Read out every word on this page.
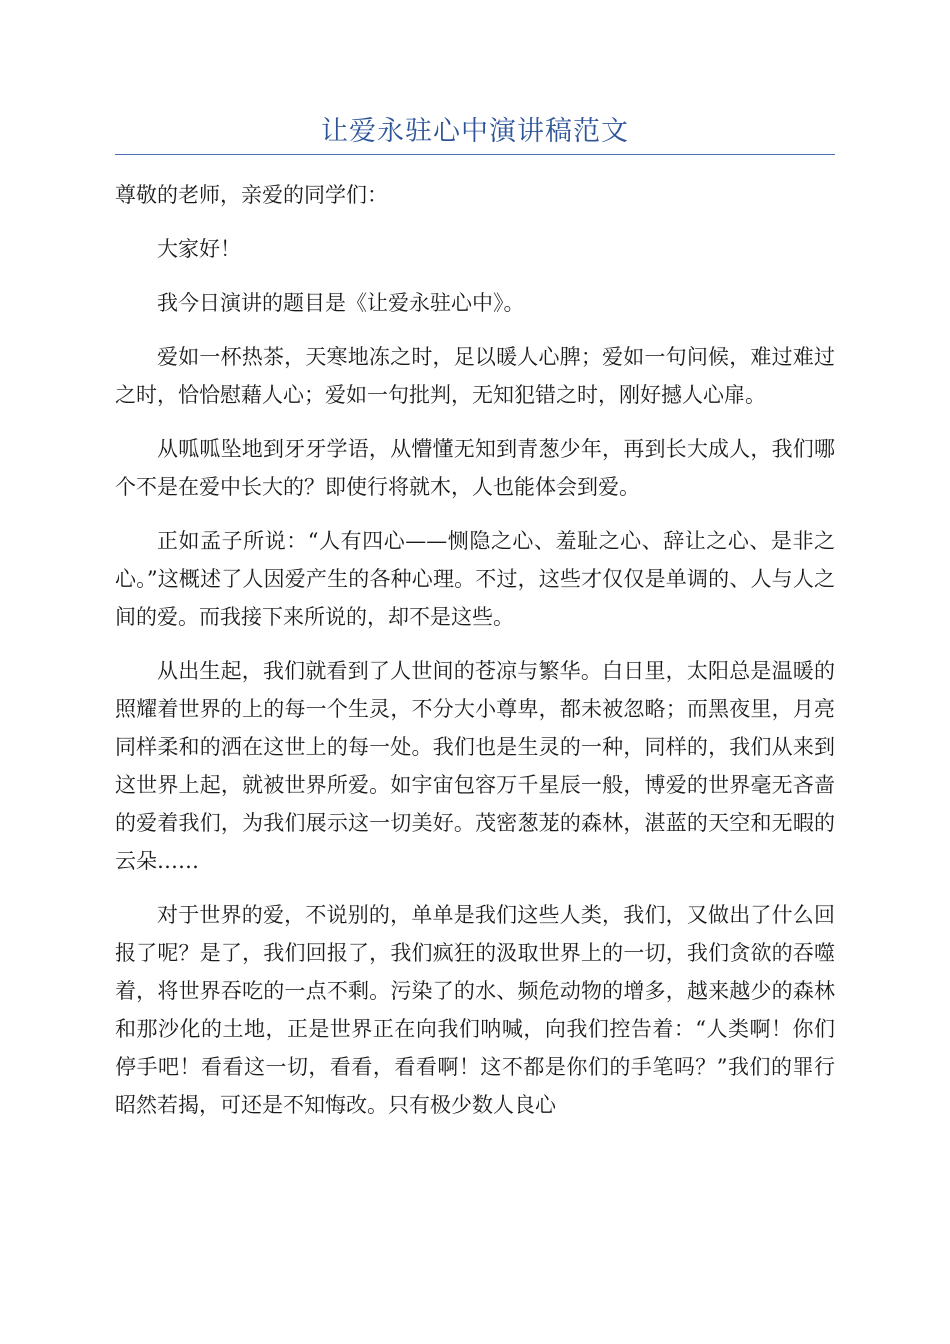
让爱永驻心中演讲稿范文

尊敬的老师，亲爱的同学们：

大家好！

我今日演讲的题目是《让爱永驻心中》。

爱如一杯热茶，天寒地冻之时，足以暖人心脾；爱如一句问候，难过难过之时，恰恰慰藉人心；爱如一句批判，无知犯错之时，刚好撼人心扉。

从呱呱坠地到牙牙学语，从懵懂无知到青葱少年，再到长大成人，我们哪个不是在爱中长大的？即使行将就木，人也能体会到爱。

正如孟子所说：“人有四心——恻隐之心、羞耻之心、辞让之心、是非之心。”这概述了人因爱产生的各种心理。不过，这些才仅仅是单调的、人与人之间的爱。而我接下来所说的，却不是这些。

从出生起，我们就看到了人世间的苍凉与繁华。白日里，太阳总是温暖的照耀着世界的上的每一个生灵，不分大小尊卑，都未被忽略；而黑夜里，月亮同样柔和的洒在这世上的每一处。我们也是生灵的一种，同样的，我们从来到这世界上起，就被世界所爱。如宇宙包容万千星辰一般，博爱的世界毫无吝啬的爱着我们，为我们展示这一切美好。茂密葱茏的森林，湛蓝的天空和无暇的云朵……

对于世界的爱，不说别的，单单是我们这些人类，我们，又做出了什么回报了呢？是了，我们回报了，我们疯狂的汲取世界上的一切，我们贪欲的吞噬着，将世界吞吃的一点不剩。污染了的水、频危动物的增多，越来越少的森林和那沙化的土地，正是世界正在向我们呐喊，向我们控告着：“人类啊！你们停手吧！看看这一切，看看，看看啊！这不都是你们的手笔吗？”我们的罪行昭然若揭，可还是不知悔改。只有极少数人良心
